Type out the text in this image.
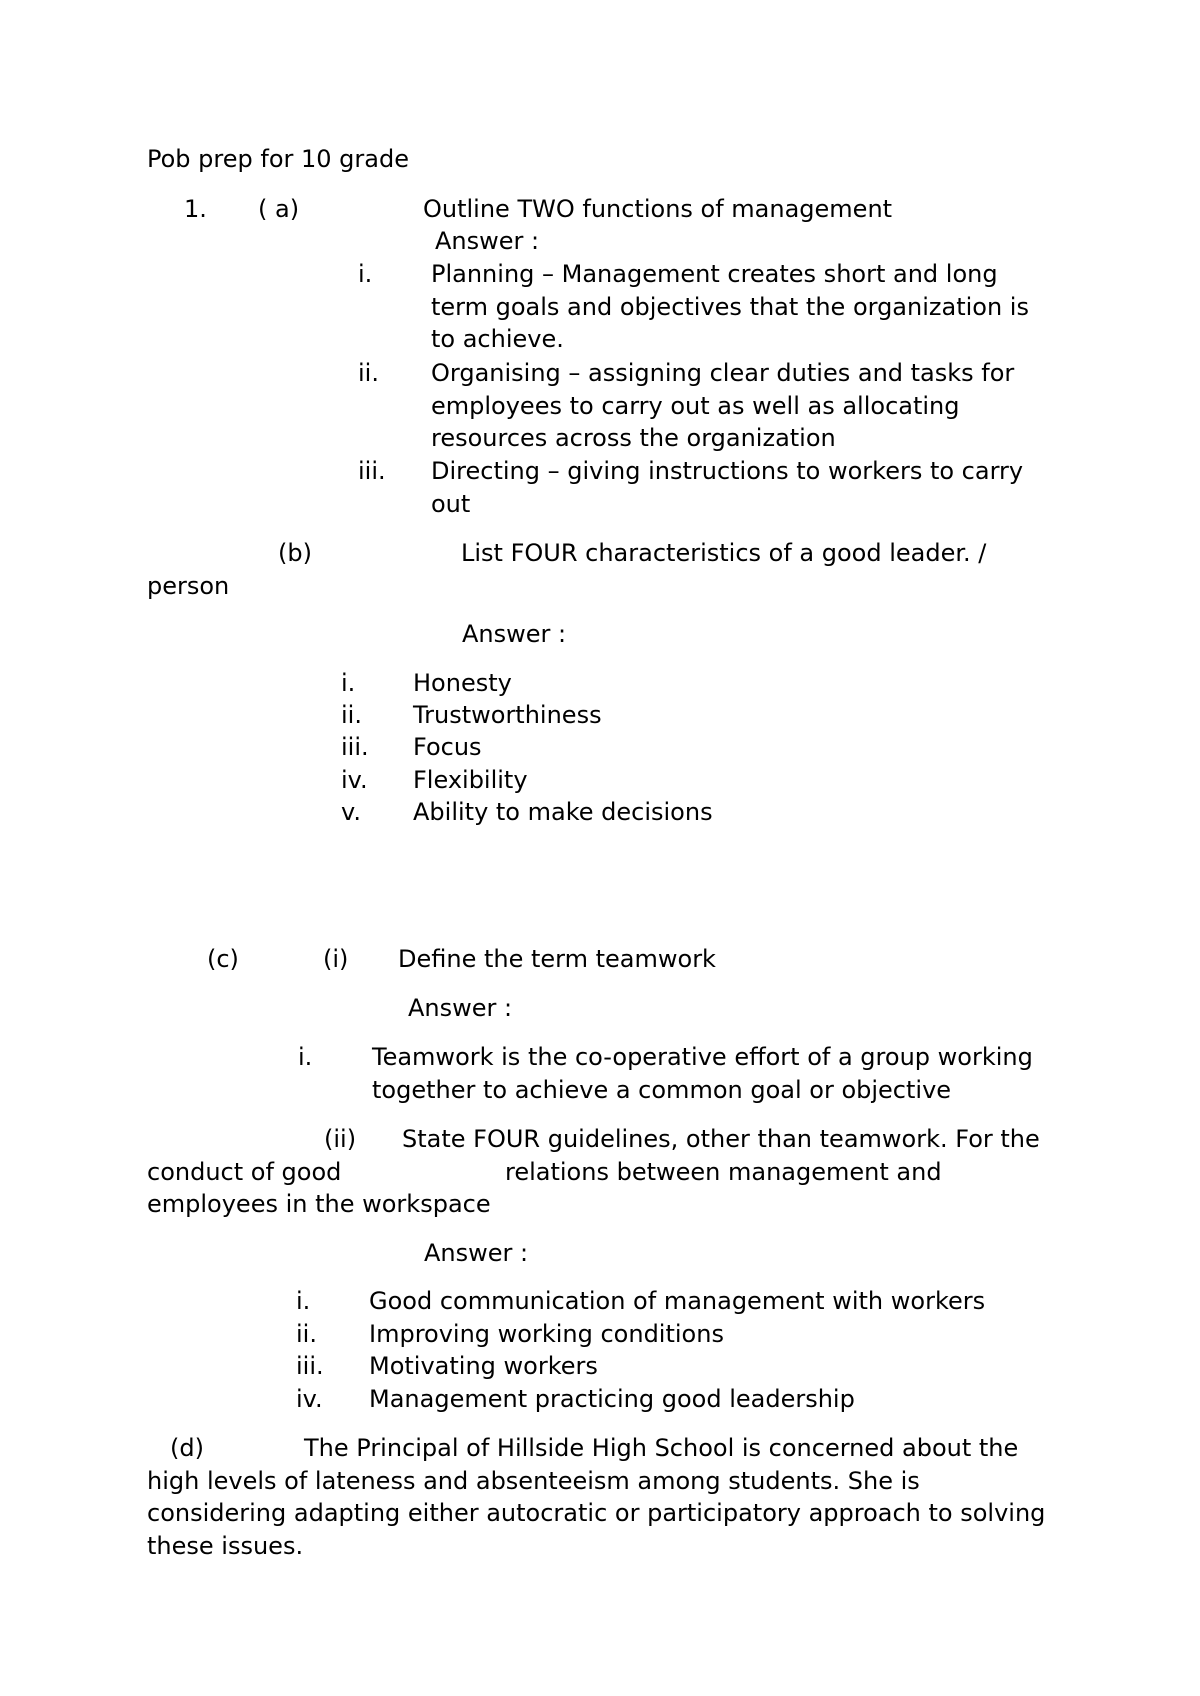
Pob prep for 10 grade
1. ( a)	Outline TWO functions of management
Answer :
i. Planning – Management creates short and long
term goals and objectives that the organization is
to achieve.
ii. Organising – assigning clear duties and tasks for
employees to carry out as well as allocating
resources across the organization
iii. Directing – giving instructions to workers to carry
out
(b)	List FOUR characteristics of a good leader. /
person
Answer :
i. Honesty
ii. Trustworthiness
iii. Focus
iv. Flexibility
v. Ability to make decisions
(c)	(i) Define the term teamwork
Answer :
i. Teamwork is the co-operative effort of a group working
together to achieve a common goal or objective
(ii) State FOUR guidelines, other than teamwork. For the
conduct of good	relations between management and
employees in the workspace
Answer :
i. Good communication of management with workers
ii. Improving working conditions
iii. Motivating workers
iv. Management practicing good leadership
(d)	The Principal of Hillside High School is concerned about the
high levels of lateness and absenteeism among students. She is
considering adapting either autocratic or participatory approach to solving
these issues.
